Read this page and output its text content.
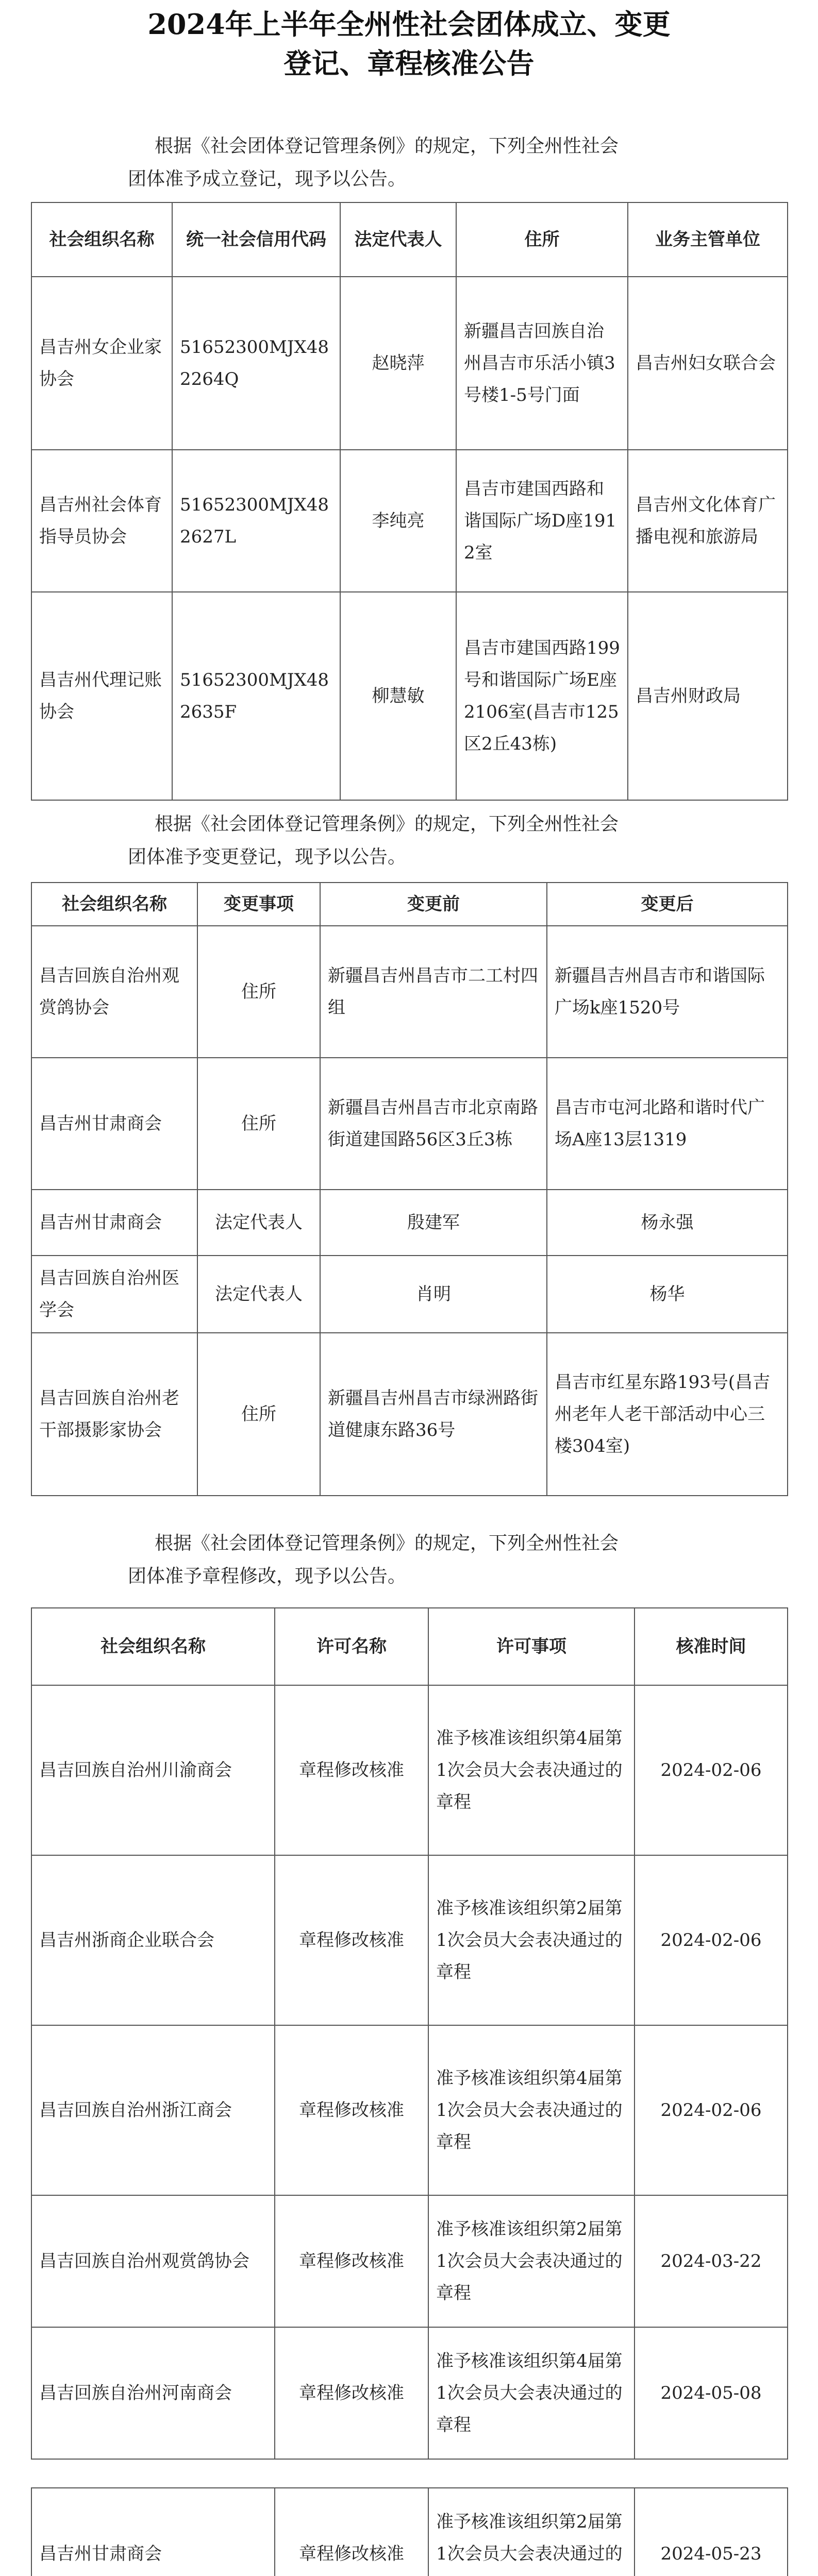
2024年上半年全州性社会团体成立、变更
登记、章程核准公告
根据《社会团体登记管理条例》的规定，下列全州性社会
团体准予成立登记，现予以公告。
社会组织名称	统一社会信用代码	法定代表人	住所	业务主管单位
昌吉州女企业家协会	51652300MJX482264Q	赵晓萍	新疆昌吉回族自治州昌吉市乐活小镇3号楼1-5号门面	昌吉州妇女联合会
昌吉州社会体育指导员协会	51652300MJX482627L	李纯亮	昌吉市建国西路和谐国际广场D座1912室	昌吉州文化体育广播电视和旅游局
昌吉州代理记账协会	51652300MJX482635F	柳慧敏	昌吉市建国西路199号和谐国际广场E座2106室(昌吉市125区2丘43栋)	昌吉州财政局
根据《社会团体登记管理条例》的规定，下列全州性社会
团体准予变更登记，现予以公告。
社会组织名称	变更事项	变更前	变更后
昌吉回族自治州观赏鸽协会	住所	新疆昌吉州昌吉市二工村四组	新疆昌吉州昌吉市和谐国际广场k座1520号
昌吉州甘肃商会	住所	新疆昌吉州昌吉市北京南路街道建国路56区3丘3栋	昌吉市屯河北路和谐时代广场A座13层1319
昌吉州甘肃商会	法定代表人	殷建军	杨永强
昌吉回族自治州医学会	法定代表人	肖明	杨华
昌吉回族自治州老干部摄影家协会	住所	新疆昌吉州昌吉市绿洲路街道健康东路36号	昌吉市红星东路193号(昌吉州老年人老干部活动中心三楼304室)
根据《社会团体登记管理条例》的规定，下列全州性社会
团体准予章程修改，现予以公告。
社会组织名称	许可名称	许可事项	核准时间
昌吉回族自治州川渝商会	章程修改核准	准予核准该组织第4届第1次会员大会表决通过的章程	2024-02-06
昌吉州浙商企业联合会	章程修改核准	准予核准该组织第2届第1次会员大会表决通过的章程	2024-02-06
昌吉回族自治州浙江商会	章程修改核准	准予核准该组织第4届第1次会员大会表决通过的章程	2024-02-06
昌吉回族自治州观赏鸽协会	章程修改核准	准予核准该组织第2届第1次会员大会表决通过的章程	2024-03-22
昌吉回族自治州河南商会	章程修改核准	准予核准该组织第4届第1次会员大会表决通过的章程	2024-05-08

昌吉州甘肃商会	章程修改核准	准予核准该组织第2届第1次会员大会表决通过的	2024-05-23
